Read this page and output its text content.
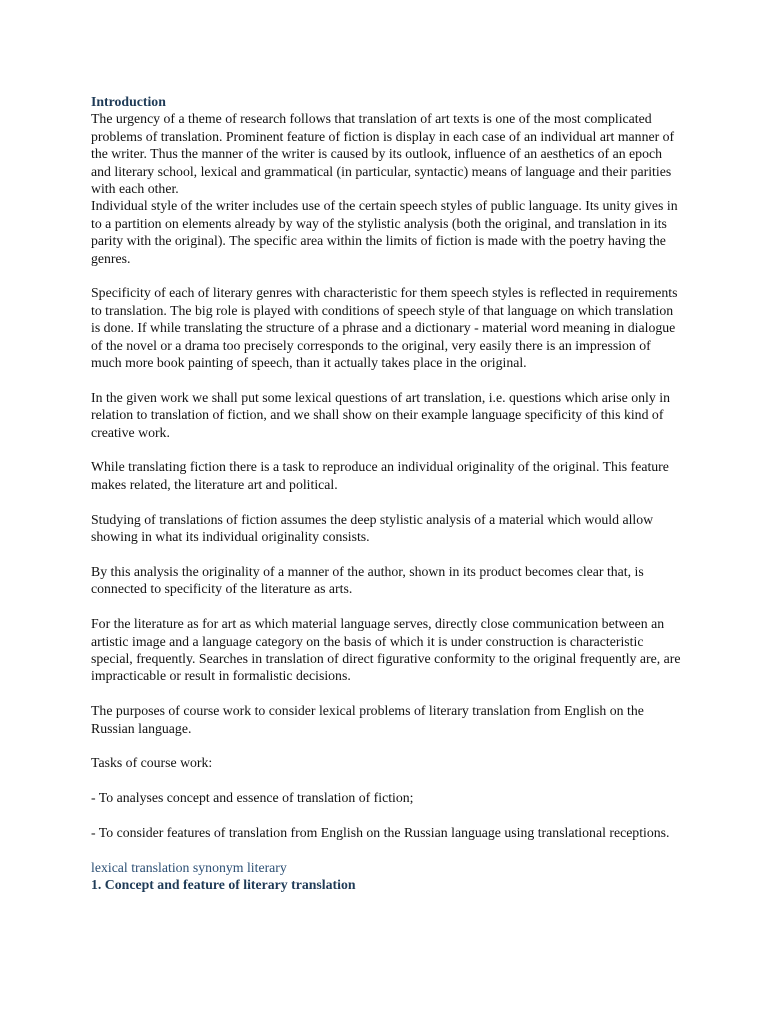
Introduction

The urgency of a theme of research follows that translation of art texts is one of the most complicated problems of translation. Prominent feature of fiction is display in each case of an individual art manner of the writer. Thus the manner of the writer is caused by its outlook, influence of an aesthetics of an epoch and literary school, lexical and grammatical (in particular, syntactic) means of language and their parities with each other.

Individual style of the writer includes use of the certain speech styles of public language. Its unity gives in to a partition on elements already by way of the stylistic analysis (both the original, and translation in its parity with the original). The specific area within the limits of fiction is made with the poetry having the genres.

Specificity of each of literary genres with characteristic for them speech styles is reflected in requirements to translation. The big role is played with conditions of speech style of that language on which translation is done. If while translating the structure of a phrase and a dictionary - material word meaning in dialogue of the novel or a drama too precisely corresponds to the original, very easily there is an impression of much more book painting of speech, than it actually takes place in the original.

In the given work we shall put some lexical questions of art translation, i.e. questions which arise only in relation to translation of fiction, and we shall show on their example language specificity of this kind of creative work.

While translating fiction there is a task to reproduce an individual originality of the original. This feature makes related, the literature art and political.

Studying of translations of fiction assumes the deep stylistic analysis of a material which would allow showing in what its individual originality consists.

By this analysis the originality of a manner of the author, shown in its product becomes clear that, is connected to specificity of the literature as arts.

For the literature as for art as which material language serves, directly close communication between an artistic image and a language category on the basis of which it is under construction is characteristic special, frequently. Searches in translation of direct figurative conformity to the original frequently are, are impracticable or result in formalistic decisions.

The purposes of course work to consider lexical problems of literary translation from English on the Russian language.

Tasks of course work:

- To analyses concept and essence of translation of fiction;

- To consider features of translation from English on the Russian language using translational receptions.

lexical translation synonym literary

1. Concept and feature of literary translation
